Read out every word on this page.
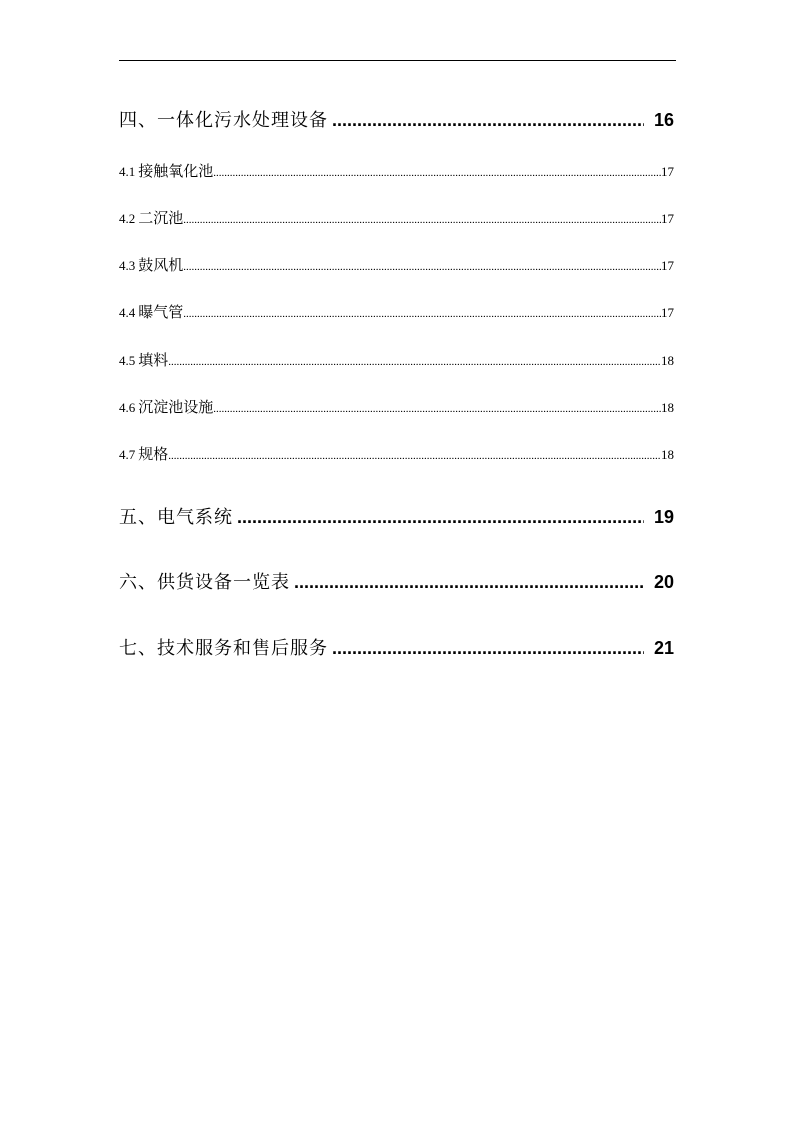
四、一体化污水处理设备 .....	16
4.1 接触氧化池 .....	17
4.2 二沉池 .....	17
4.3 鼓风机 .....	17
4.4 曝气管 .....	17
4.5 填料 .....	18
4.6 沉淀池设施 .....	18
4.7 规格 .....	18
五、电气系统 .....	19
六、供货设备一览表 .....	20
七、技术服务和售后服务 .....	21
